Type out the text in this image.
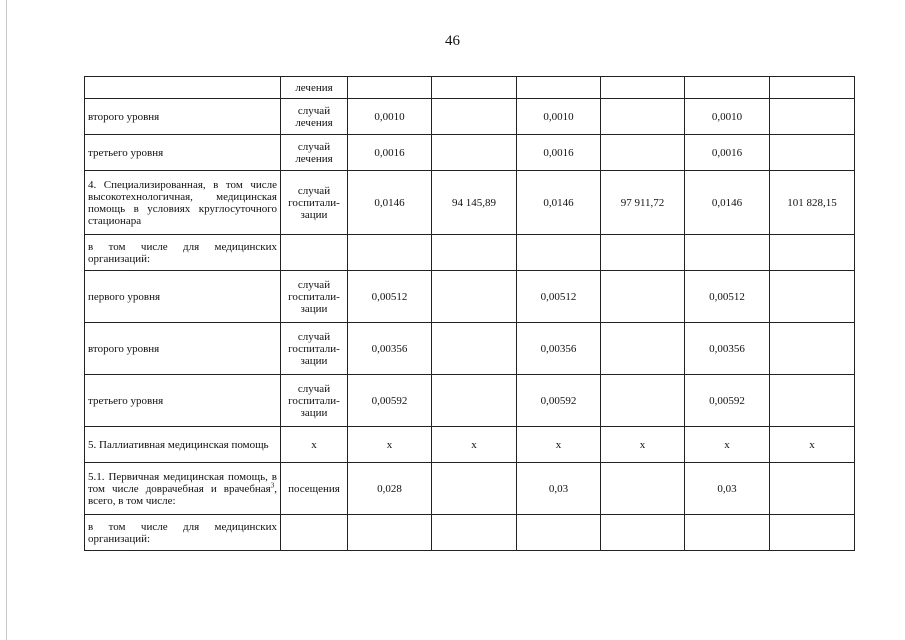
46
	лечения						
второго уровня	случай лечения	0,0010		0,0010		0,0010	
третьего уровня	случай лечения	0,0016		0,0016		0,0016	
4. Специализированная, в том числе высокотехнологичная, медицинская помощь в условиях круглосуточного стационара	случай госпитали-зации	0,0146	94 145,89	0,0146	97 911,72	0,0146	101 828,15
в том числе для медицинских организаций:							
первого уровня	случай госпитали-зации	0,00512		0,00512		0,00512	
второго уровня	случай госпитали-зации	0,00356		0,00356		0,00356	
третьего уровня	случай госпитали-зации	0,00592		0,00592		0,00592	
5. Паллиативная медицинская помощь	х	х	х	х	х	х	х
5.1. Первичная медицинская помощь, в том числе доврачебная и врачебная$^3$, всего, в том числе:	посещения	0,028		0,03		0,03	
в том числе для медицинских организаций:							
